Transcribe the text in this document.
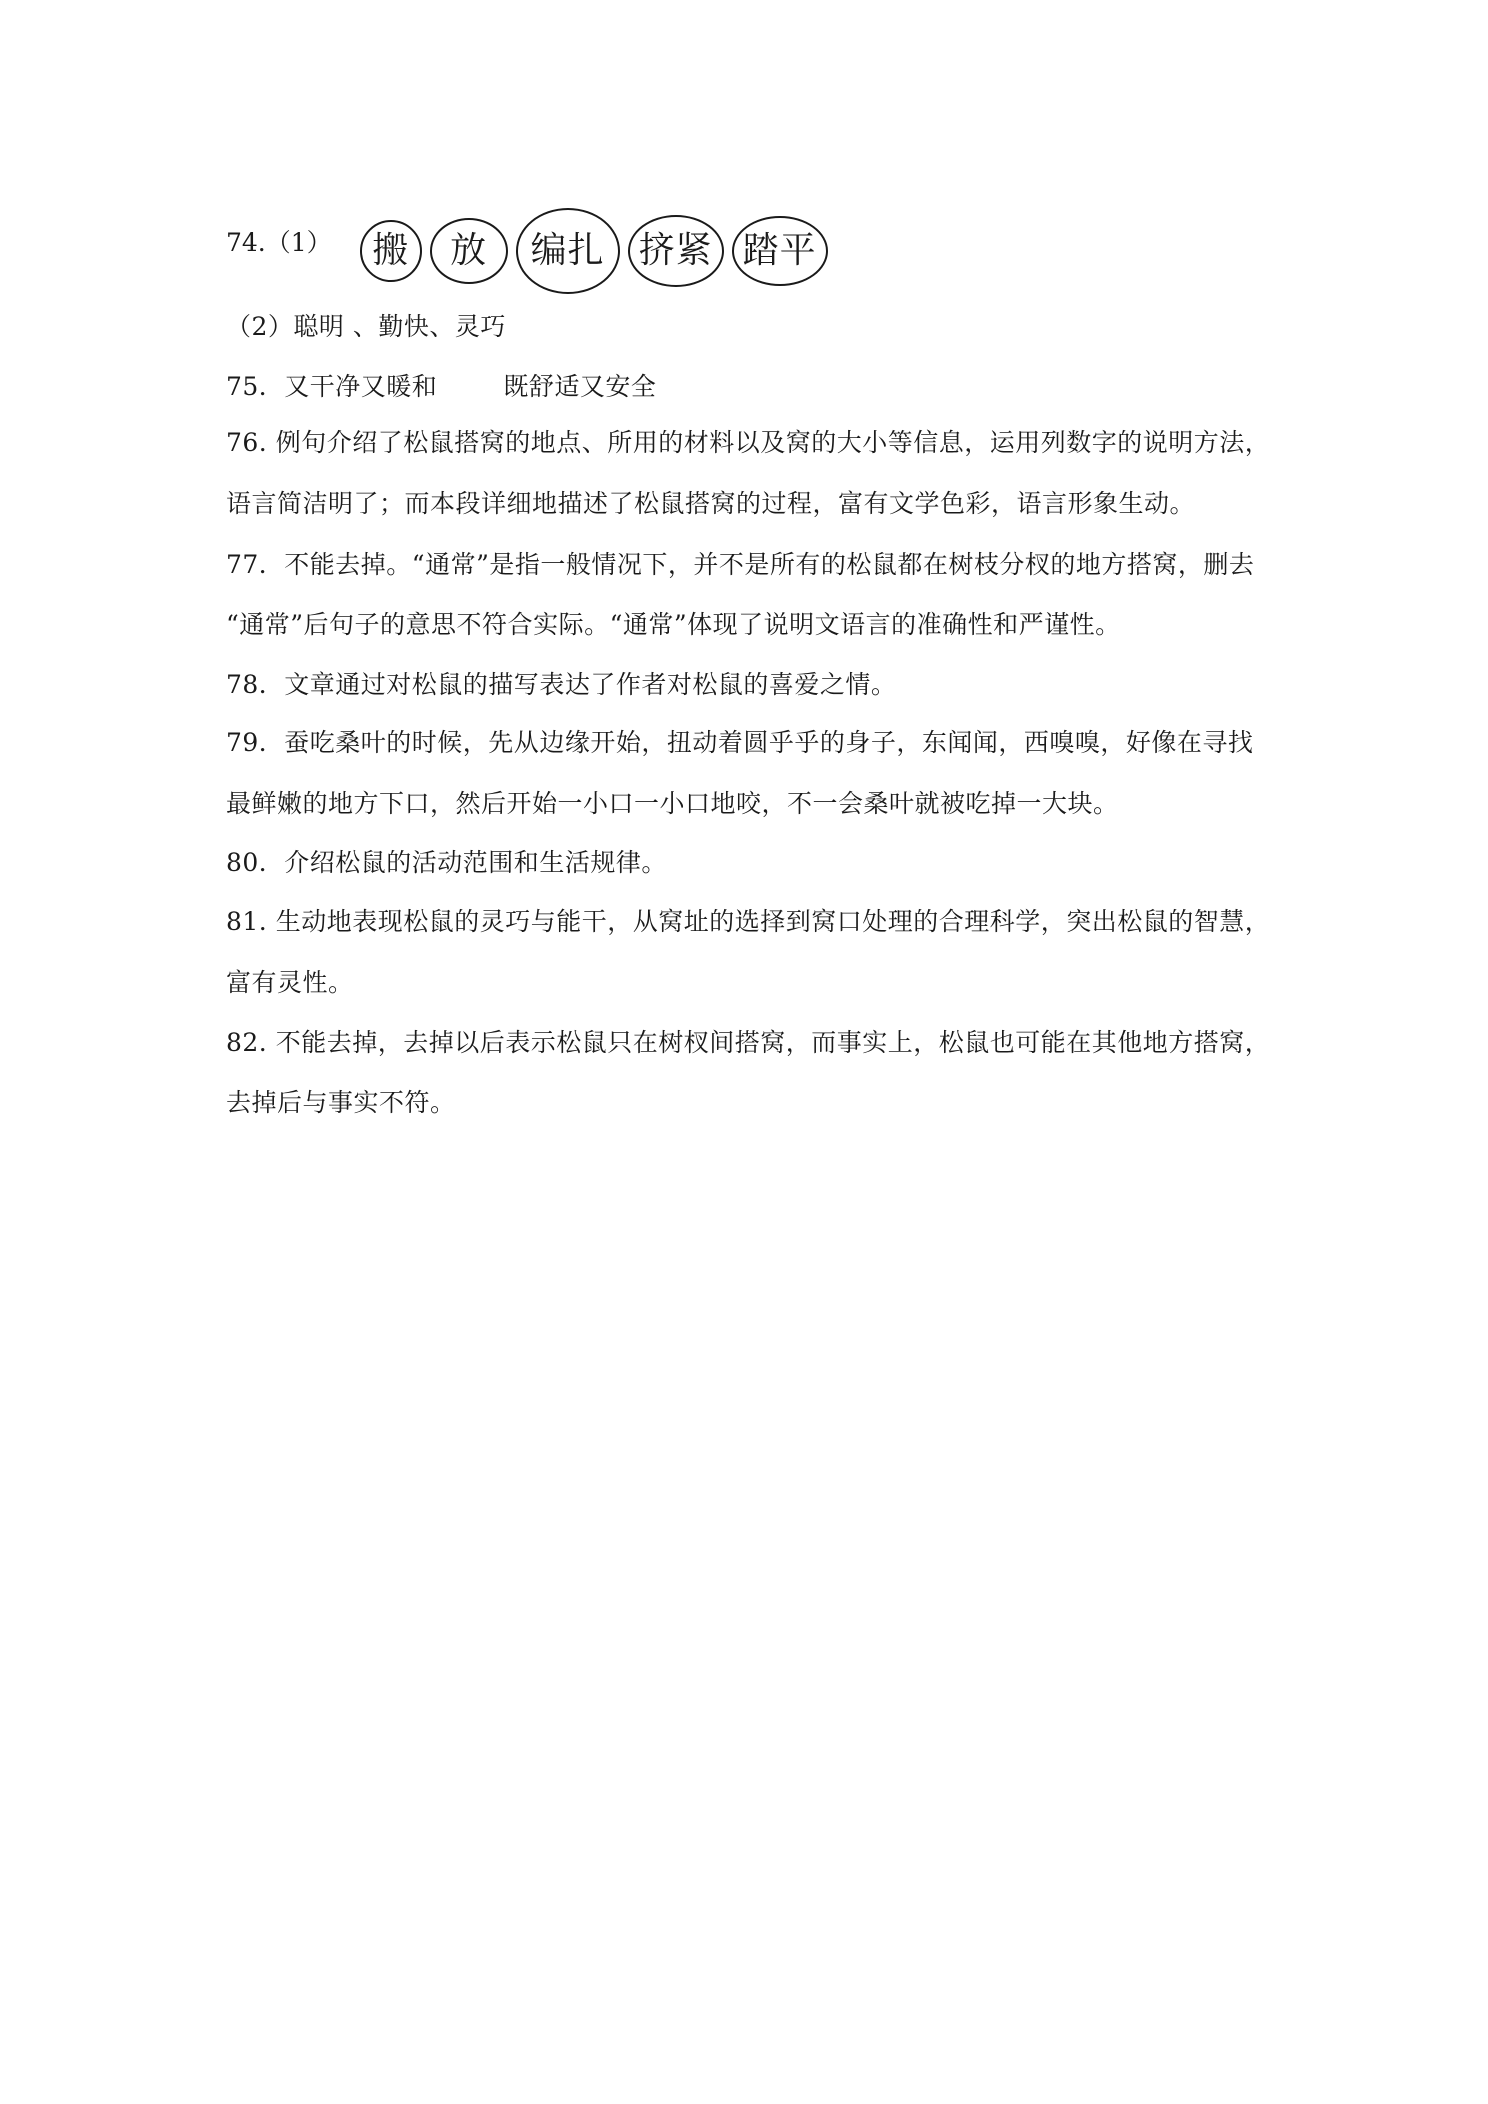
74.（1）	搬	放	编扎 挤紧 踏平
（2）聪明 、勤快、灵巧
75．又干净又暖和	既舒适又安全
76. 例句介绍了松鼠搭窝的地点、所用的材料以及窝的大小等信息，运用列数字的说明方法，
语言简洁明了；而本段详细地描述了松鼠搭窝的过程，富有文学色彩，语言形象生动。
77．不能去掉。“通常”是指一般情况下，并不是所有的松鼠都在树枝分杈的地方搭窝，删去
“通常”后句子的意思不符合实际。“通常”体现了说明文语言的准确性和严谨性。
78．文章通过对松鼠的描写表达了作者对松鼠的喜爱之情。
79．蚕吃桑叶的时候，先从边缘开始，扭动着圆乎乎的身子，东闻闻，西嗅嗅，好像在寻找
最鲜嫩的地方下口，然后开始一小口一小口地咬，不一会桑叶就被吃掉一大块。
80．介绍松鼠的活动范围和生活规律。
81. 生动地表现松鼠的灵巧与能干，从窝址的选择到窝口处理的合理科学，突出松鼠的智慧，
富有灵性。
82. 不能去掉，去掉以后表示松鼠只在树杈间搭窝，而事实上，松鼠也可能在其他地方搭窝，
去掉后与事实不符。
